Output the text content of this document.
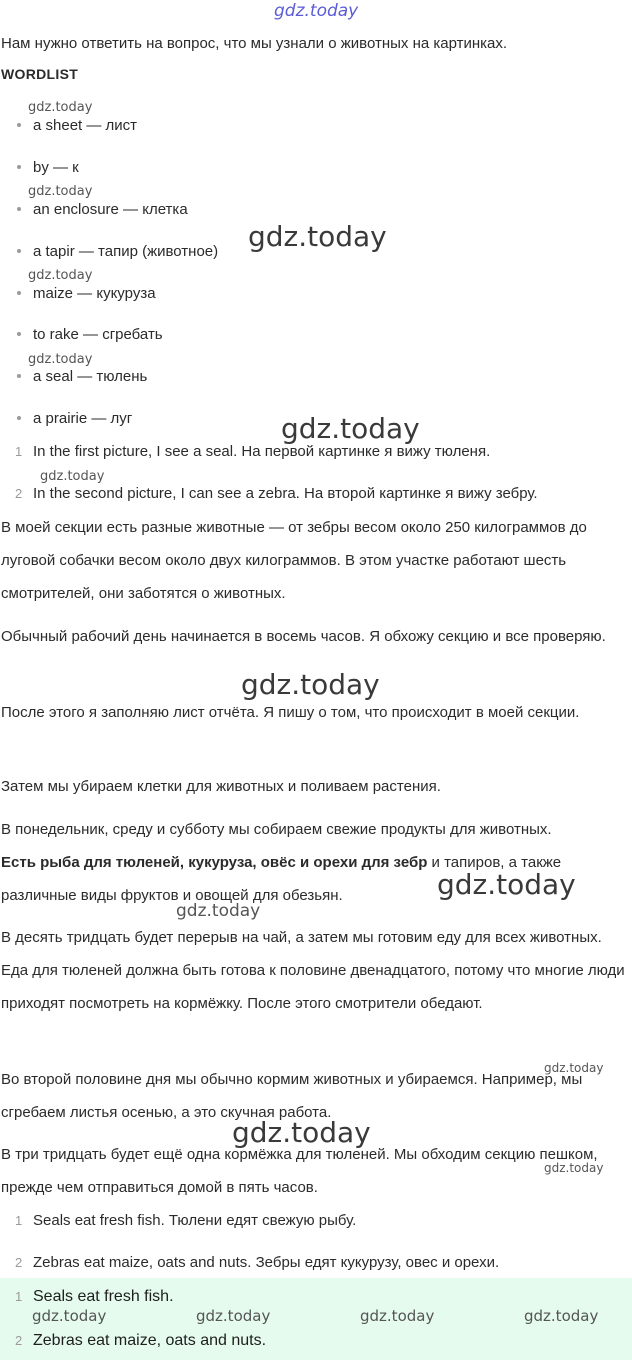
gdz.today
gdz.today
gdz.today
gdz.today
gdz.today
gdz.today
gdz.today
gdz.today
gdz.today
gdz.today
gdz.today
gdz.today
gdz.today
gdz.today
Нам нужно ответить на вопрос, что мы узнали о животных на картинках.
WORDLIST
a sheet — лист
by — к
an enclosure — клетка
a tapir — тапир (животное)
maize — кукуруза
to rake — сгребать
a seal — тюлень
a prairie — луг
1 In the first picture, I see a seal. На первой картинке я вижу тюленя.
2 In the second picture, I can see a zebra. На второй картинке я вижу зебру.
В моей секции есть разные животные — от зебры весом около 250 килограммов до луговой собачки весом около двух килограммов. В этом участке работают шесть смотрителей, они заботятся о животных.
Обычный рабочий день начинается в восемь часов. Я обхожу секцию и все проверяю.
После этого я заполняю лист отчёта. Я пишу о том, что происходит в моей секции.
Затем мы убираем клетки для животных и поливаем растения.
В понедельник, среду и субботу мы собираем свежие продукты для животных.
Есть рыба для тюленей, кукуруза, овёс и орехи для зебр и тапиров, а также различные виды фруктов и овощей для обезьян.
В десять тридцать будет перерыв на чай, а затем мы готовим еду для всех животных. Еда для тюленей должна быть готова к половине двенадцатого, потому что многие люди приходят посмотреть на кормёжку. После этого смотрители обедают.
Во второй половине дня мы обычно кормим животных и убираемся. Например, мы сгребаем листья осенью, а это скучная работа.
В три тридцать будет ещё одна кормёжка для тюленей. Мы обходим секцию пешком, прежде чем отправиться домой в пять часов.
1 Seals eat fresh fish. Тюлени едят свежую рыбу.
2 Zebras eat maize, oats and nuts. Зебры едят кукурузу, овес и орехи.
1 Seals eat fresh fish.
gdz.today	gdz.today	gdz.today	gdz.today
2 Zebras eat maize, oats and nuts.
